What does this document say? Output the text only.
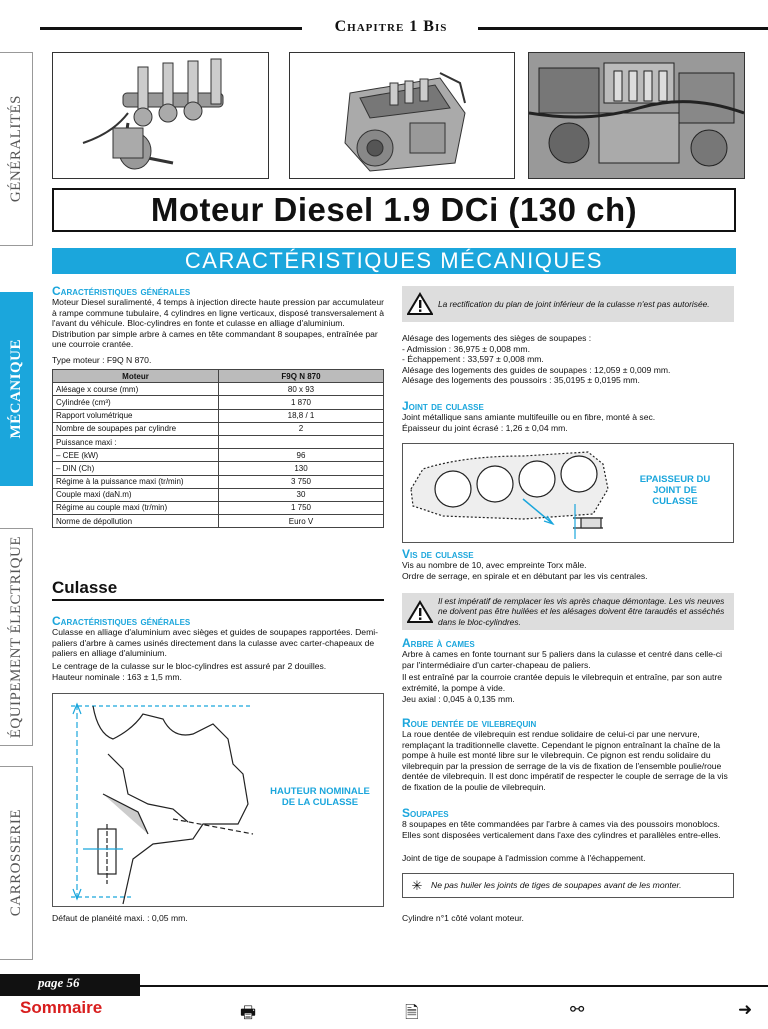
Chapitre 1 Bis
GÉNÉRALITÉS
MÉCANIQUE
ÉQUIPEMENT ÉLECTRIQUE
CARROSSERIE
Moteur Diesel 1.9 DCi (130 ch)
CARACTÉRISTIQUES MÉCANIQUES
Caractéristiques générales
Moteur Diesel suralimenté, 4 temps à injection directe haute pression par accumulateur à rampe commune tubulaire, 4 cylindres en ligne verticaux, disposé transversalement à l'avant du véhicule. Bloc-cylindres en fonte et culasse en alliage d'aluminium. Distribution par simple arbre à cames en tête commandant 8 soupapes, entraînée par une courroie crantée.
Type moteur : F9Q N 870.
Moteur	F9Q N 870
Alésage x course (mm)	80 x 93
Cylindrée (cm³)	1 870
Rapport volumétrique	18,8 / 1
Nombre de soupapes par cylindre	2
Puissance maxi :	
– CEE (kW)	96
– DIN (Ch)	130
Régime à la puissance maxi (tr/min)	3 750
Couple maxi (daN.m)	30
Régime au couple maxi (tr/min)	1 750
Norme de dépollution	Euro V
Culasse
Caractéristiques générales
Culasse en alliage d'aluminium avec sièges et guides de soupapes rapportées. Demi-paliers d'arbre à cames usinés directement dans la culasse avec carter-chapeaux de paliers en alliage d'aluminium.
Le centrage de la culasse sur le bloc-cylindres est assuré par 2 douilles.
Hauteur nominale : 163 ± 1,5 mm.
HAUTEUR NOMINALE DE LA CULASSE
Défaut de planéité maxi. : 0,05 mm.
La rectification du plan de joint inférieur de la culasse n'est pas autorisée.
Alésage des logements des sièges de soupapes :
- Admission : 36,975 ± 0,008 mm.
- Échappement : 33,597 ± 0,008 mm.
Alésage des logements des guides de soupapes : 12,059 ± 0,009 mm.
Alésage des logements des poussoirs : 35,0195 ± 0,0195 mm.
Joint de culasse
Joint métallique sans amiante multifeuille ou en fibre, monté à sec.
Épaisseur du joint écrasé : 1,26 ± 0,04 mm.
EPAISSEUR DU JOINT DE CULASSE
Vis de culasse
Vis au nombre de 10, avec empreinte Torx mâle.
Ordre de serrage, en spirale et en débutant par les vis centrales.
Il est impératif de remplacer les vis après chaque démontage. Les vis neuves ne doivent pas être huilées et les alésages doivent être taraudés et asséchés dans le bloc-cylindres.
Arbre à cames
Arbre à cames en fonte tournant sur 5 paliers dans la culasse et centré dans celle-ci par l'intermédiaire d'un carter-chapeau de paliers.
Il est entraîné par la courroie crantée depuis le vilebrequin et entraîne, par son autre extrémité, la pompe à vide.
Jeu axial : 0,045 à 0,135 mm.
Roue dentée de vilebrequin
La roue dentée de vilebrequin est rendue solidaire de celui-ci par une nervure, remplaçant la traditionnelle clavette. Cependant le pignon entraînant la chaîne de la pompe à huile est monté libre sur le vilebrequin. Ce pignon est rendu solidaire du vilebrequin par la pression de serrage de la vis de fixation de l'ensemble poulie/roue dentée de vilebrequin. Il est donc impératif de respecter le couple de serrage de la vis de fixation de la poulie de vilebrequin.
Soupapes
8 soupapes en tête commandées par l'arbre à cames via des poussoirs monoblocs. Elles sont disposées verticalement dans l'axe des cylindres et parallèles entre-elles.
Joint de tige de soupape à l'admission comme à l'échappement.
✳ Ne pas huiler les joints de tiges de soupapes avant de les monter.
Cylindre n°1 côté volant moteur.
page 56
Sommaire	🖶	🗎	⚯	➜
